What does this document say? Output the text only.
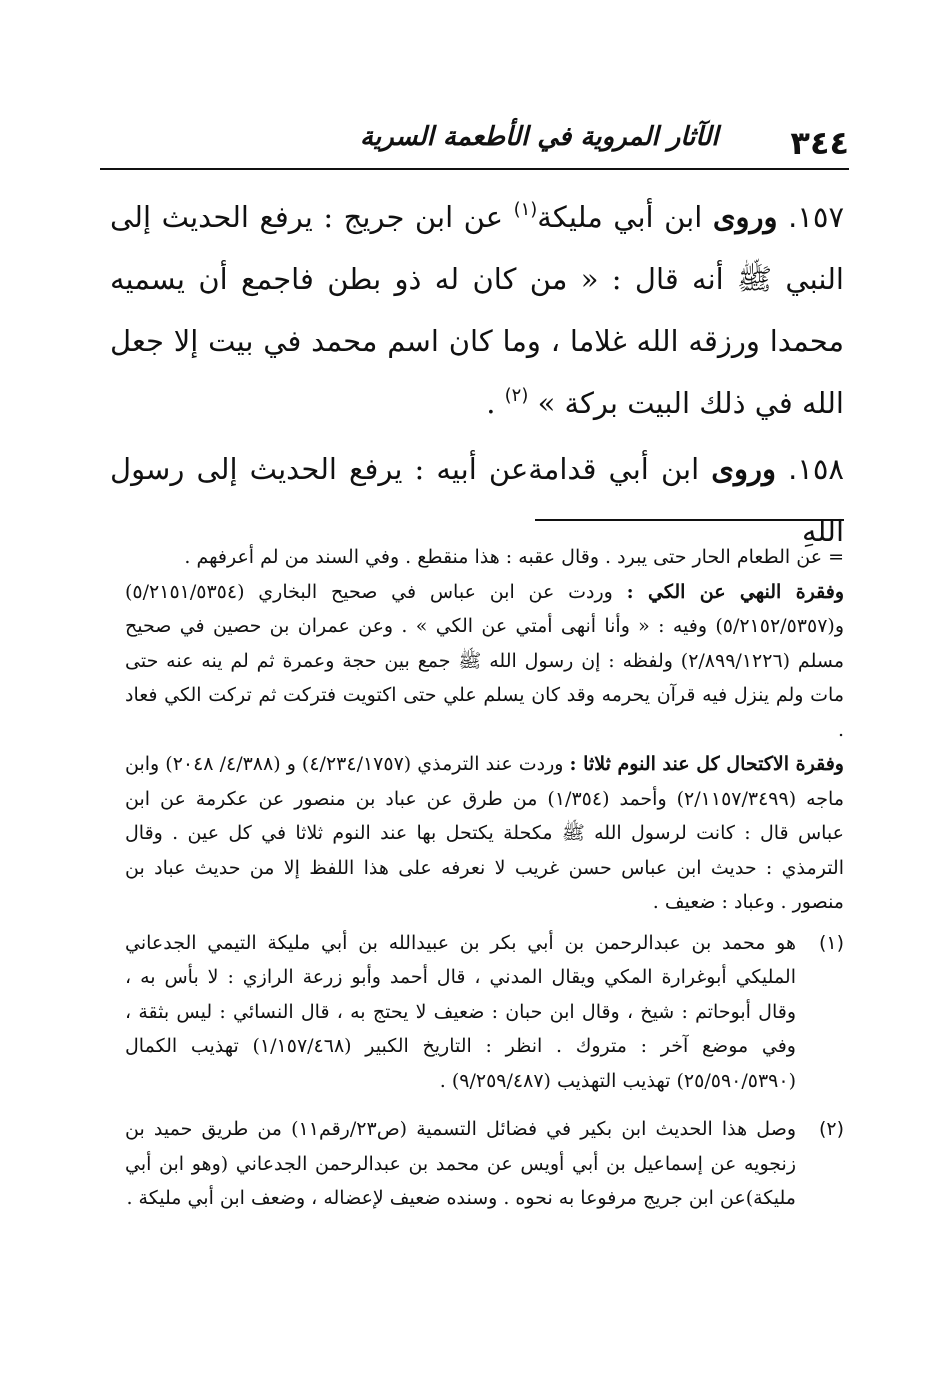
٣٤٤
الآثار المروية في الأطعمة السرية

١٥٧. وروى ابن أبي مليكة$^{(١)}$ عن ابن جريج : يرفع الحديث إلى النبي ﷺ أنه قال : « من كان له ذو بطن فاجمع أن يسميه محمدا ورزقه الله غلاما ، وما كان اسم محمد في بيت إلا جعل الله في ذلك البيت بركة » $^{(٢)}$ .

١٥٨. وروى ابن أبي قدامةعن أبيه : يرفع الحديث إلى رسول اللهِ

= عن الطعام الحار حتى يبرد . وقال عقبه : هذا منقطع . وفي السند من لم أعرفهم .

وفقرة النهي عن الكي : وردت عن ابن عباس في صحيح البخاري (٥/٢١٥١/٥٣٥٤) و(٥/٢١٥٢/٥٣٥٧) وفيه : « وأنا أنهى أمتي عن الكي » . وعن عمران بن حصين في صحيح مسلم (٢/٨٩٩/١٢٢٦) ولفظه : إن رسول الله ﷺ جمع بين حجة وعمرة ثم لم ينه عنه حتى مات ولم ينزل فيه قرآن يحرمه وقد كان يسلم علي حتى اكتويت فتركت ثم تركت الكي فعاد .

وفقرة الاكتحال كل عند النوم ثلاثا : وردت عند الترمذي (٤/٢٣٤/١٧٥٧) و (٤/٣٨٨/ ٢٠٤٨) وابن ماجه (٢/١١٥٧/٣٤٩٩) وأحمد (١/٣٥٤) من طرق عن عباد بن منصور عن عكرمة عن ابن عباس قال : كانت لرسول الله ﷺ مكحلة يكتحل بها عند النوم ثلاثا في كل عين . وقال الترمذي : حديث ابن عباس حسن غريب لا نعرفه على هذا اللفظ إلا من حديث عباد بن منصور . وعباد : ضعيف .

(١)
هو محمد بن عبدالرحمن بن أبي بكر بن عبيدالله بن أبي مليكة التيمي الجدعاني المليكي أبوغرارة المكي ويقال المدني ، قال أحمد وأبو زرعة الرازي : لا بأس به ، وقال أبوحاتم : شيخ ، وقال ابن حبان : ضعيف لا يحتج به ، قال النسائي : ليس بثقة ، وفي موضع آخر : متروك . انظر : التاريخ الكبير (١/١٥٧/٤٦٨) تهذيب الكمال (٢٥/٥٩٠/٥٣٩٠) تهذيب التهذيب (٩/٢٥٩/٤٨٧) .

(٢)
وصل هذا الحديث ابن بكير في فضائل التسمية (ص٢٣/رقم١١) من طريق حميد بن زنجويه عن إسماعيل بن أبي أويس عن محمد بن عبدالرحمن الجدعاني (وهو ابن أبي مليكة)عن ابن جريج مرفوعا به نحوه . وسنده ضعيف لإعضاله ، وضعف ابن أبي مليكة .
